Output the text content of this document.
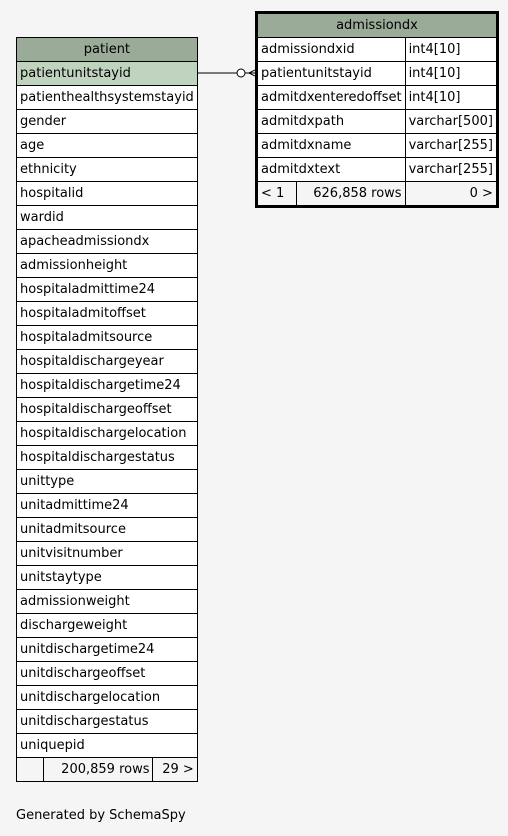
patient
patientunitstayid
patienthealthsystemstayid
gender
age
ethnicity
hospitalid
wardid
apacheadmissiondx
admissionheight
hospitaladmittime24
hospitaladmitoffset
hospitaladmitsource
hospitaldischargeyear
hospitaldischargetime24
hospitaldischargeoffset
hospitaldischargelocation
hospitaldischargestatus
unittype
unitadmittime24
unitadmitsource
unitvisitnumber
unitstaytype
admissionweight
dischargeweight
unitdischargetime24
unitdischargeoffset
unitdischargelocation
unitdischargestatus
uniquepid
	200,859 rows	29 >
admissiondx		
admissiondxid		int4[10]
patientunitstayid		int4[10]
admitdxenteredoffset		int4[10]
admitdxpath		varchar[500]
admitdxname		varchar[255]
admitdxtext		varchar[255]
< 1	626,858 rows	0 >
Generated by SchemaSpy
